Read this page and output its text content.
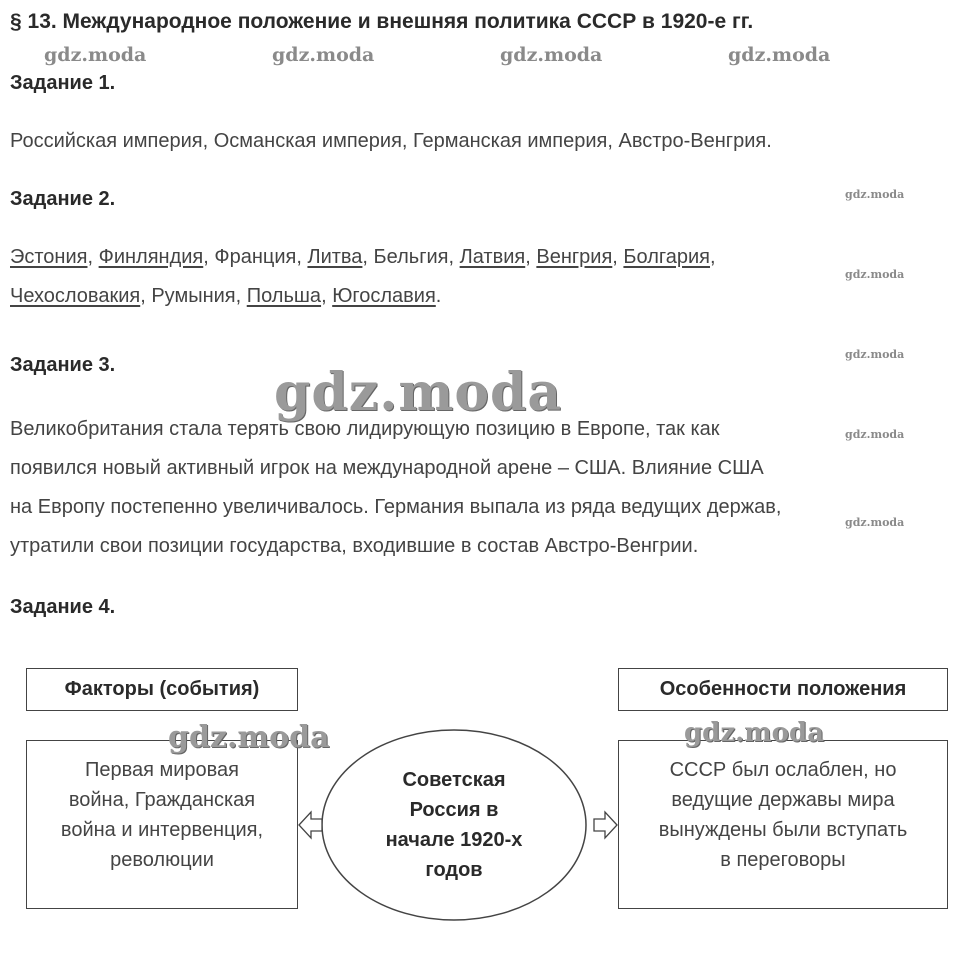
§ 13. Международное положение и внешняя политика СССР в 1920-е гг.
gdz.moda	gdz.moda	gdz.moda	gdz.moda
Задание 1.
Российская империя, Османская империя, Германская империя, Австро-Венгрия.
Задание 2.
Эстония, Финляндия, Франция, Литва, Бельгия, Латвия, Венгрия, Болгария,
Чехословакия, Румыния, Польша, Югославия.
gdz.moda
gdz.moda
gdz.moda
gdz.moda
gdz.moda
Задание 3.
Великобритания стала терять свою лидирующую позицию в Европе, так как
появился новый активный игрок на международной арене – США. Влияние США
на Европу постепенно увеличивалось. Германия выпала из ряда ведущих держав,
утратили свои позиции государства, входившие в состав Австро-Венгрии.
gdz.moda
Задание 4.
Факторы (события)
Первая мировая
война, Гражданская
война и интервенция,
революции
Особенности положения
СССР был ослаблен, но
ведущие державы мира
вынуждены были вступать
в переговоры
Советская
Россия в
начале 1920-х
годов
gdz.moda	gdz.moda
